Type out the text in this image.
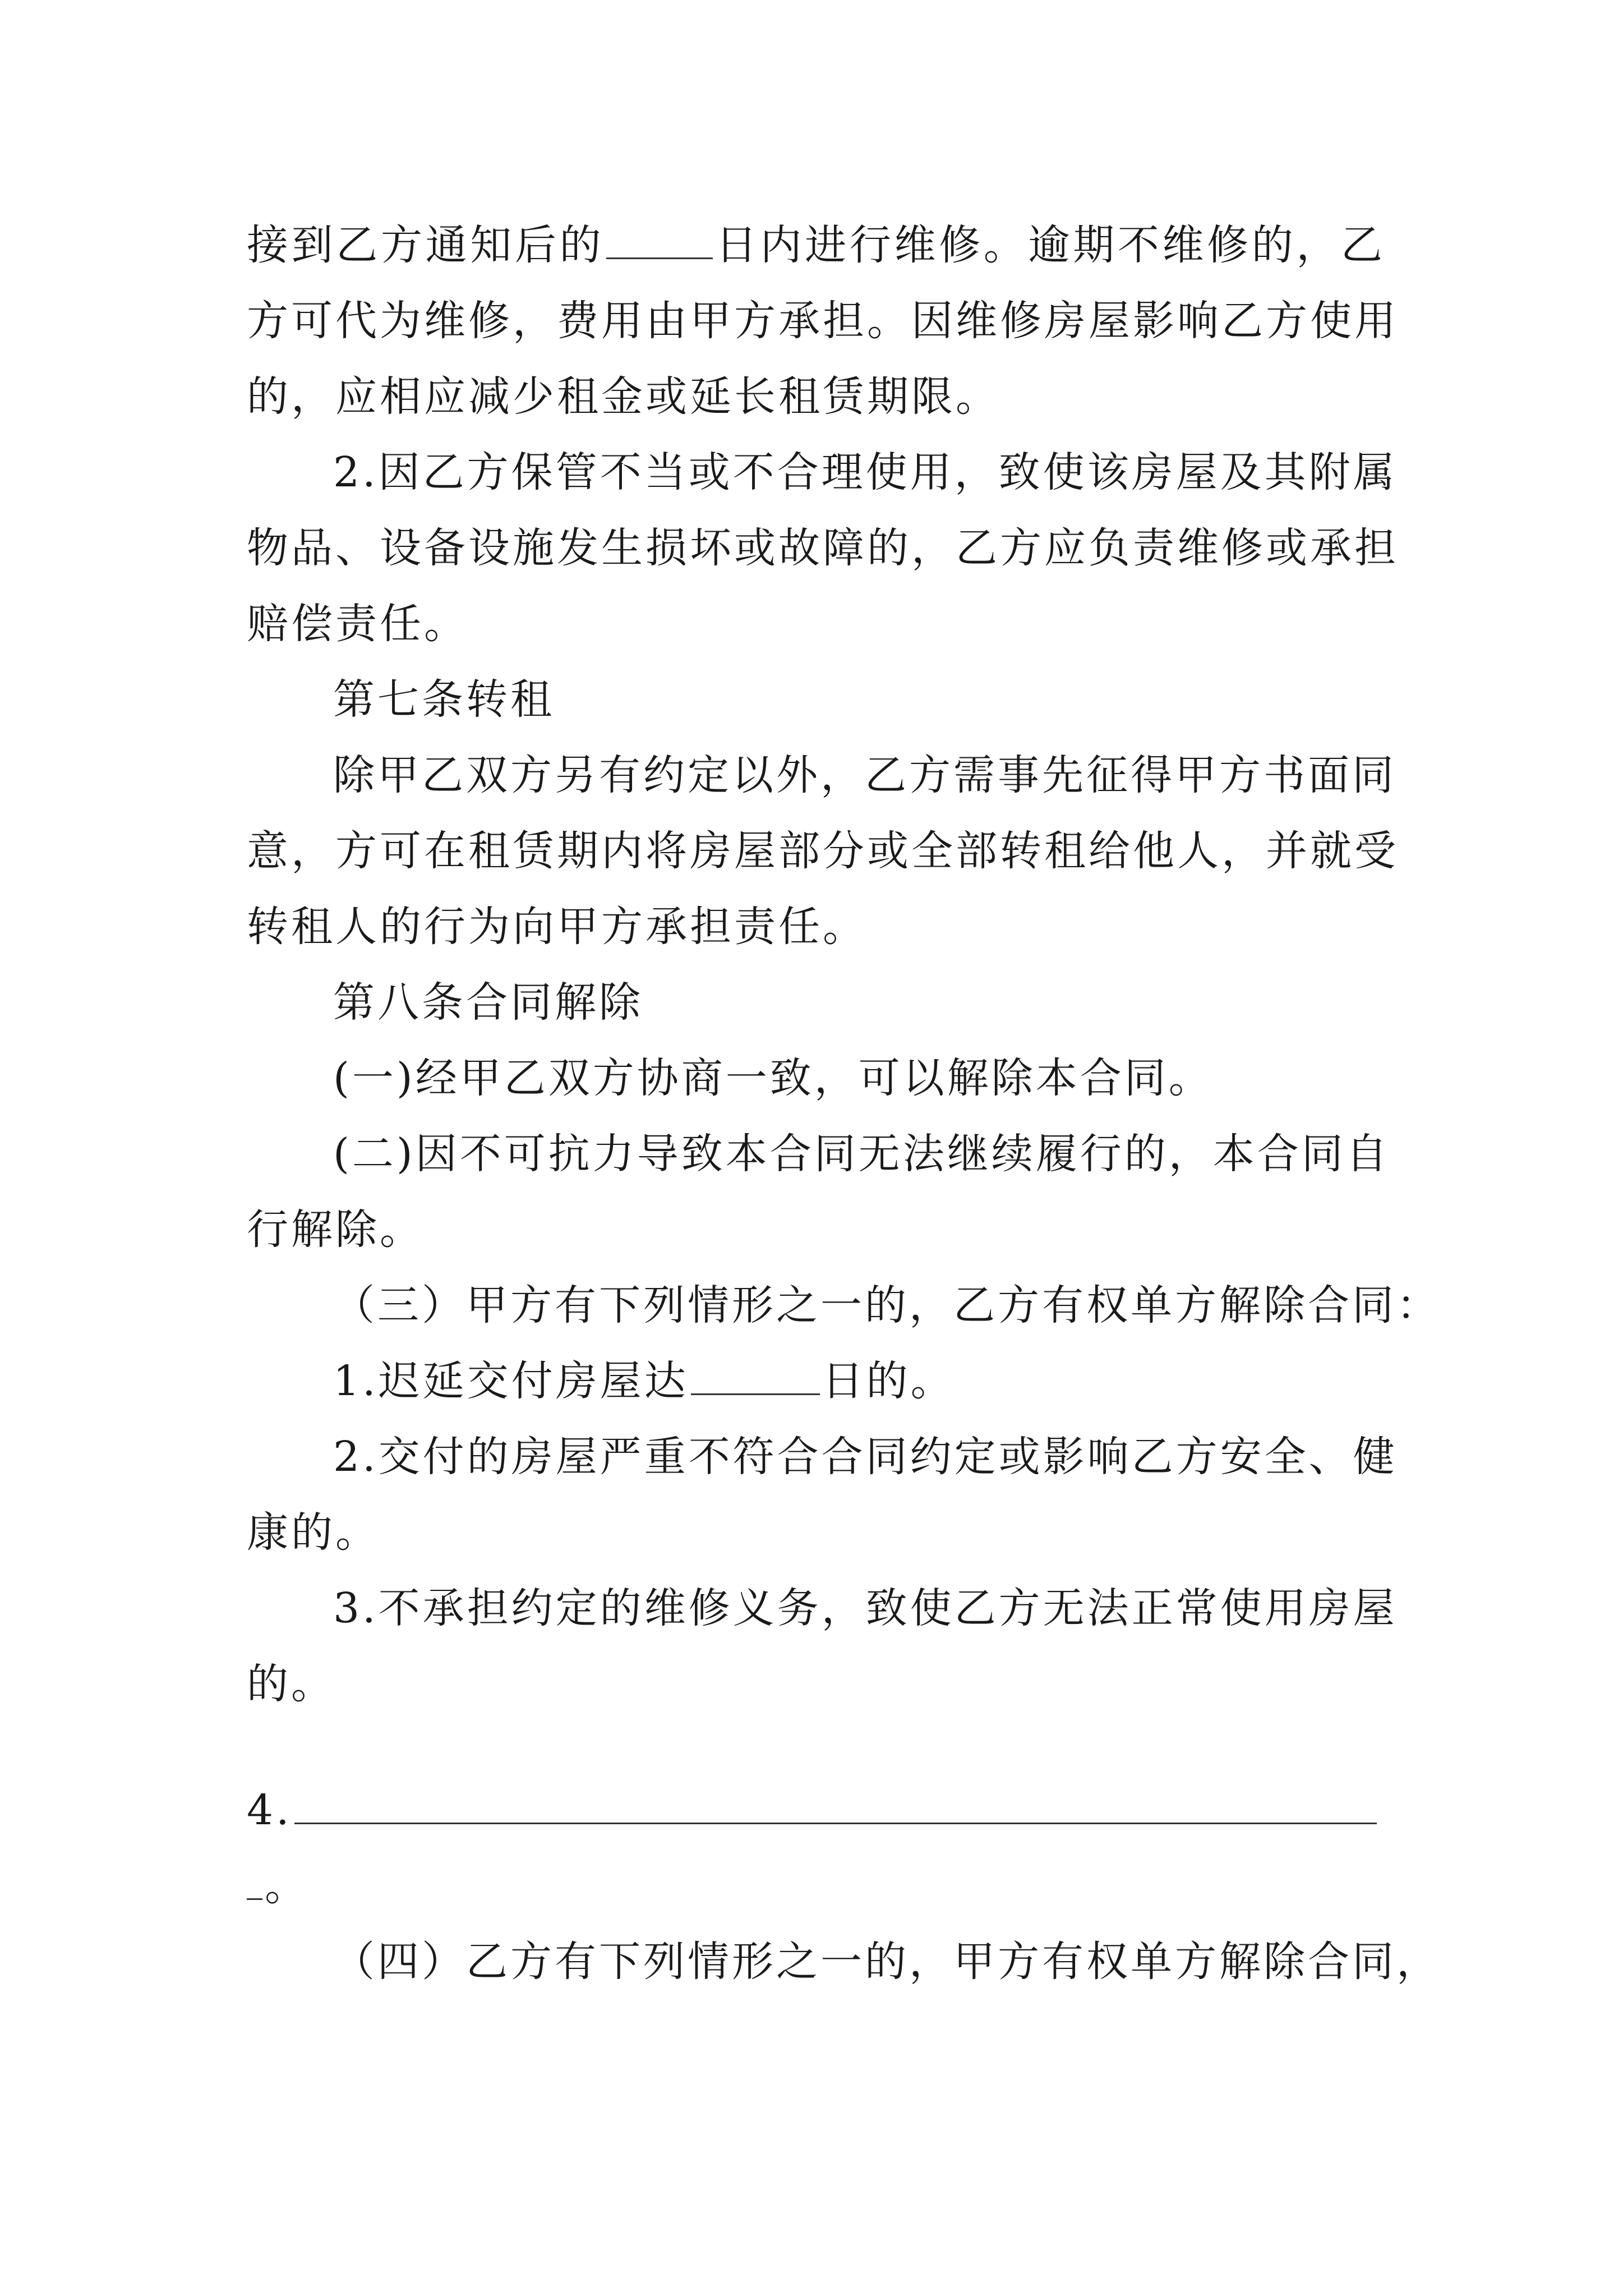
接到乙方通知后的	日内进行维修。逾期不维修的，乙
方可代为维修，费用由甲方承担。因维修房屋影响乙方使用
的，应相应减少租金或延长租赁期限。
2.因乙方保管不当或不合理使用，致使该房屋及其附属
物品、设备设施发生损坏或故障的，乙方应负责维修或承担
赔偿责任。
第七条转租
除甲乙双方另有约定以外，乙方需事先征得甲方书面同
意，方可在租赁期内将房屋部分或全部转租给他人，并就受
转租人的行为向甲方承担责任。
第八条合同解除
(一)经甲乙双方协商一致，可以解除本合同。
(二)因不可抗力导致本合同无法继续履行的，本合同自
行解除。
（三）甲方有下列情形之一的，乙方有权单方解除合同：
1.迟延交付房屋达	日的。
2.交付的房屋严重不符合合同约定或影响乙方安全、健
康的。
3.不承担约定的维修义务，致使乙方无法正常使用房屋
的。
4.
。
（四）乙方有下列情形之一的，甲方有权单方解除合同，
